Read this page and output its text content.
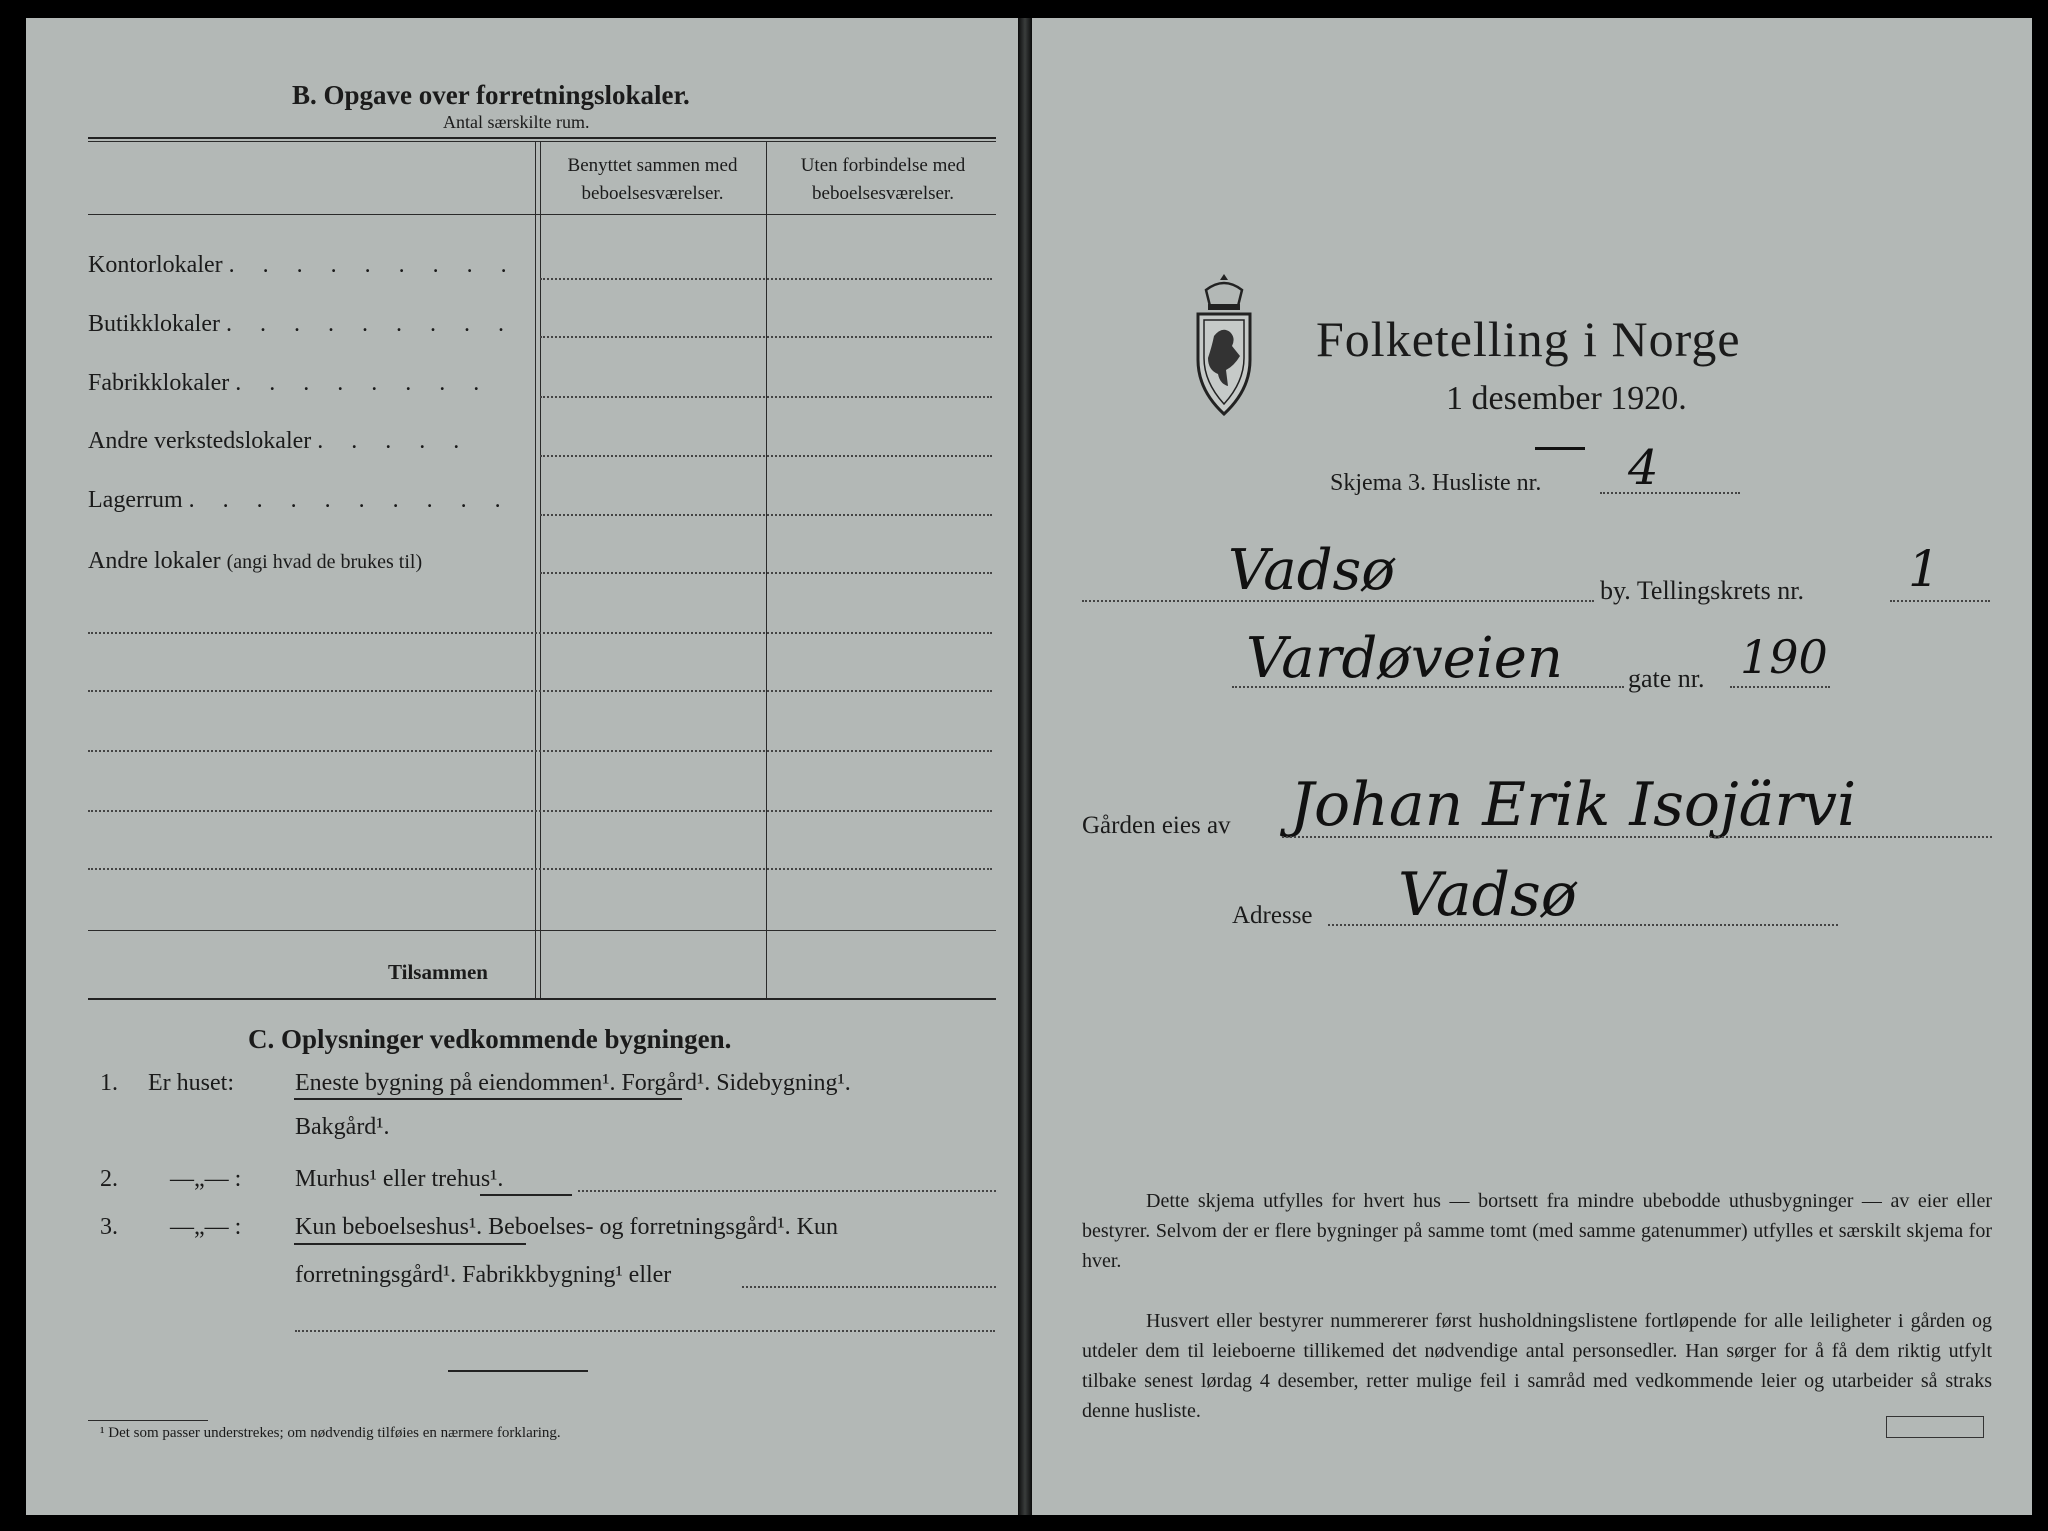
B. Opgave over forretningslokaler.
Antal særskilte rum.
Benyttet sammen med
beboelsesværelser.
Uten forbindelse med
beboelsesværelser.
Kontorlokaler . . . . . . . . .
Butikklokaler . . . . . . . . .
Fabrikklokaler . . . . . . . .
Andre verkstedslokaler . . . . .
Lagerrum . . . . . . . . . .
Andre lokaler (angi hvad de brukes til)
Tilsammen
C. Oplysninger vedkommende bygningen.
1. Er huset:	Eneste bygning på eiendommen¹. Forgård¹. Sidebygning¹.
Bakgård¹.
2. —„— : Murhus¹ eller trehus¹.
3. —„— : Kun beboelseshus¹. Beboelses- og forretningsgård¹. Kun
forretningsgård¹. Fabrikkbygning¹ eller
¹ Det som passer understrekes; om nødvendig tilføies en nærmere forklaring.
Folketelling i Norge
1 desember 1920.
Skjema 3. Husliste nr. 4
Vadsø	by. Tellingskrets nr. 1
Vardøveien	gate nr. 190
Gården eies av Johan Erik Isojärvi
Adresse Vadsø
Dette skjema utfylles for hvert hus — bortsett fra mindre ubebodde uthusbygninger — av eier eller bestyrer. Selvom der er flere bygninger på samme tomt (med samme gatenummer) utfylles et særskilt skjema for hver.
Husvert eller bestyrer nummererer først husholdningslistene fortløpende for alle leiligheter i gården og utdeler dem til leieboerne tillikemed det nødvendige antal personsedler. Han sørger for å få dem riktig utfylt tilbake senest lørdag 4 desember, retter mulige feil i samråd med vedkommende leier og utarbeider så straks denne husliste.
